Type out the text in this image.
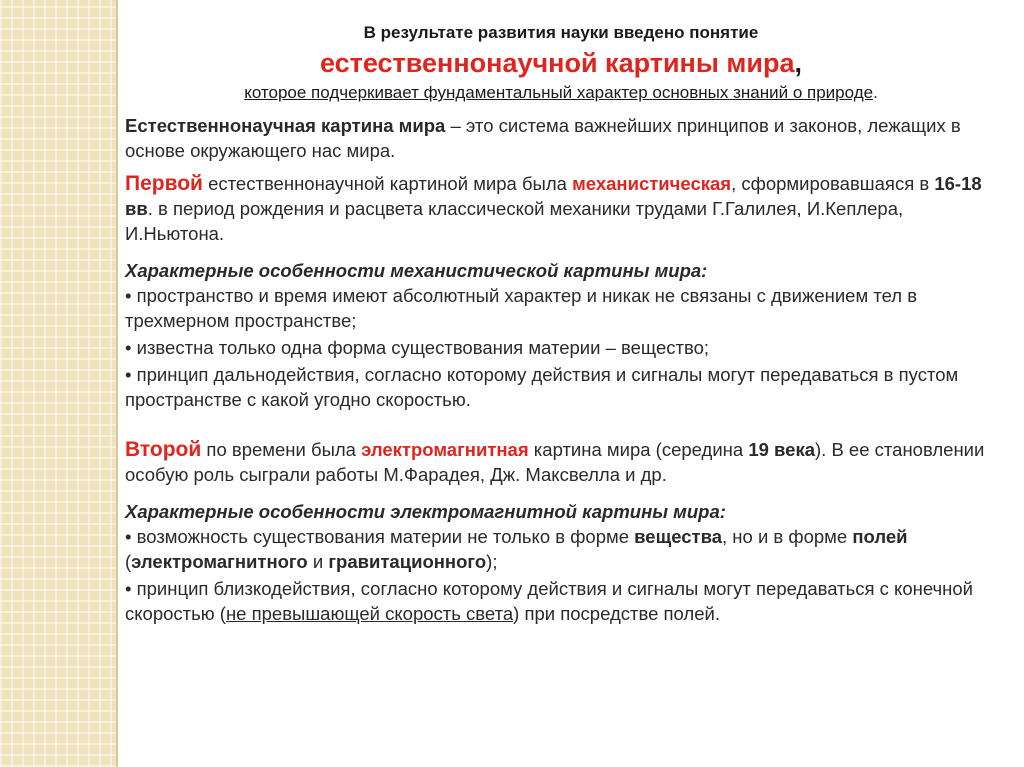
В результате развития науки введено понятие
естественнонаучной картины мира,
которое подчеркивает фундаментальный характер основных знаний о природе.

Естественнонаучная картина мира – это система важнейших принципов и законов, лежащих в основе окружающего нас мира.

Первой естественнонаучной картиной мира была механистическая, сформировавшаяся в 16-18 вв. в период рождения и расцвета классической механики трудами Г.Галилея, И.Кеплера, И.Ньютона.

Характерные особенности механистической картины мира:

• пространство и время имеют абсолютный характер и никак не связаны с движением тел в трехмерном пространстве;

• известна только одна форма существования материи – вещество;

• принцип дальнодействия, согласно которому действия и сигналы могут передаваться в пустом пространстве с какой угодно скоростью.

Второй по времени была электромагнитная картина мира (середина 19 века). В ее становлении особую роль сыграли работы М.Фарадея, Дж. Максвелла и др.

Характерные особенности электромагнитной картины мира:

• возможность существования материи не только в форме вещества, но и в форме полей (электромагнитного и гравитационного);

• принцип близкодействия, согласно которому действия и сигналы могут передаваться с конечной скоростью (не превышающей скорость света) при посредстве полей.
